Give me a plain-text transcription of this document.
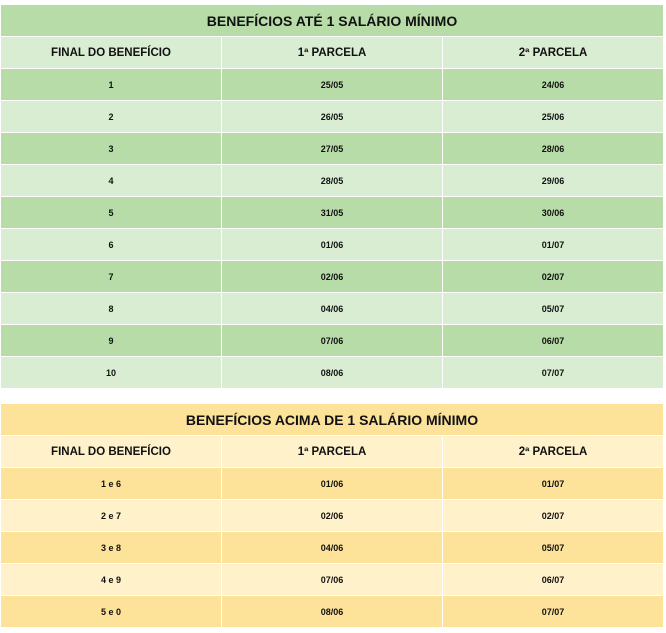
BENEFÍCIOS ATÉ 1 SALÁRIO MÍNIMO		
FINAL DO BENEFÍCIO	1ª PARCELA	2ª PARCELA
1	25/05	24/06
2	26/05	25/06
3	27/05	28/06
4	28/05	29/06
5	31/05	30/06
6	01/06	01/07
7	02/06	02/07
8	04/06	05/07
9	07/06	06/07
10	08/06	07/07
BENEFÍCIOS ACIMA DE 1 SALÁRIO MÍNIMO		
FINAL DO BENEFÍCIO	1ª PARCELA	2ª PARCELA
1 e 6	01/06	01/07
2 e 7	02/06	02/07
3 e 8	04/06	05/07
4 e 9	07/06	06/07
5 e 0	08/06	07/07
